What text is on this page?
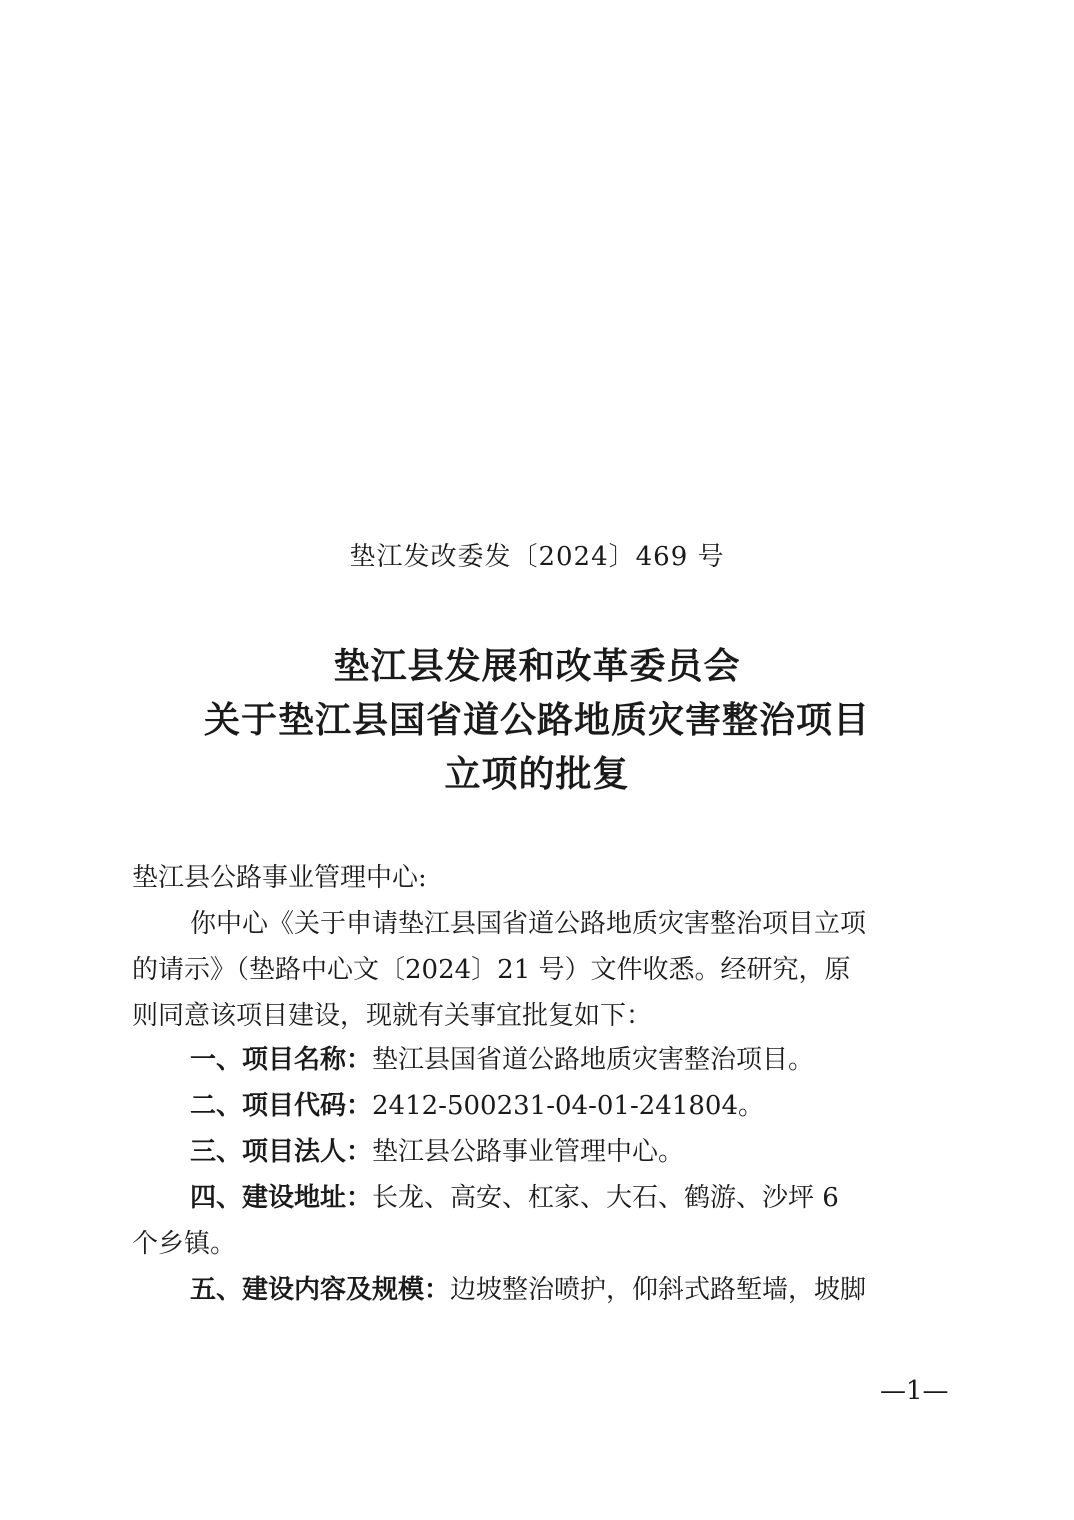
垫江发改委发〔2024〕469 号
垫江县发展和改革委员会
关于垫江县国省道公路地质灾害整治项目
立项的批复
垫江县公路事业管理中心:
你中心《关于申请垫江县国省道公路地质灾害整治项目立项
的请示》（垫路中心文〔2024〕21 号）文件收悉。经研究，原
则同意该项目建设，现就有关事宜批复如下：
一、项目名称：垫江县国省道公路地质灾害整治项目。
二、项目代码：2412-500231-04-01-241804。
三、项目法人：垫江县公路事业管理中心。
四、建设地址：长龙、高安、杠家、大石、鹤游、沙坪 6
个乡镇。
五、建设内容及规模：边坡整治喷护，仰斜式路堑墙，坡脚
—1—
